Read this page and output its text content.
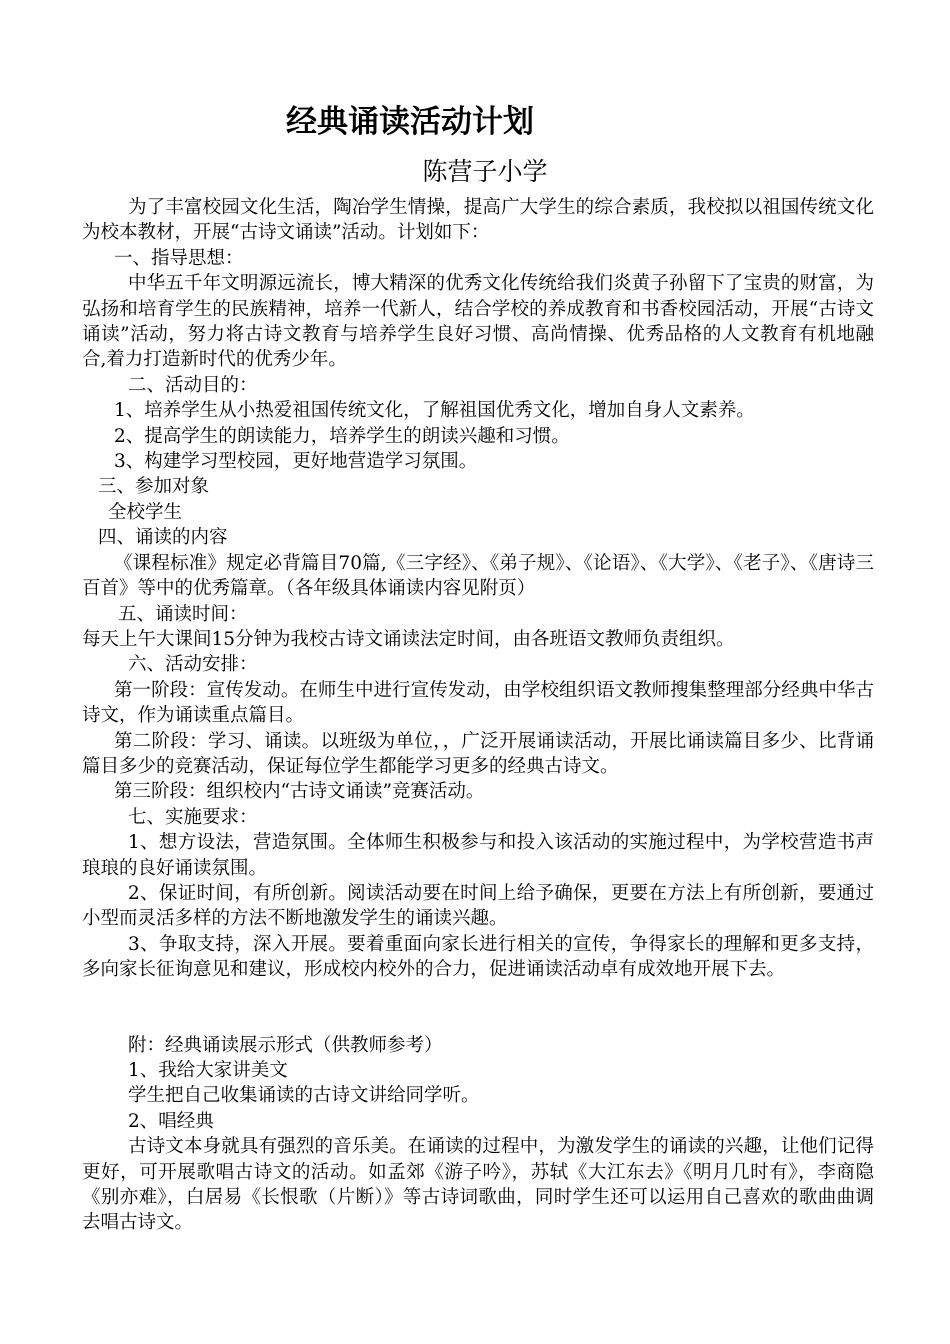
经典诵读活动计划
陈营子小学

为了丰富校园文化生活，陶冶学生情操，提高广大学生的综合素质，我校拟以祖国传统文化为校本教材，开展“古诗文诵读”活动。计划如下：

一、指导思想：

中华五千年文明源远流长，博大精深的优秀文化传统给我们炎黄子孙留下了宝贵的财富，为弘扬和培育学生的民族精神，培养一代新人，结合学校的养成教育和书香校园活动，开展“古诗文诵读”活动，努力将古诗文教育与培养学生良好习惯、高尚情操、优秀品格的人文教育有机地融合,着力打造新时代的优秀少年。

二、活动目的：

1、培养学生从小热爱祖国传统文化，了解祖国优秀文化，增加自身人文素养。

2、提高学生的朗读能力，培养学生的朗读兴趣和习惯。

3、构建学习型校园，更好地营造学习氛围。

三、参加对象

全校学生

四、诵读的内容

《课程标准》规定必背篇目70篇,《三字经》、《弟子规》、《论语》、《大学》、《老子》、《唐诗三百首》等中的优秀篇章。（各年级具体诵读内容见附页）

五、诵读时间：

每天上午大课间15分钟为我校古诗文诵读法定时间，由各班语文教师负责组织。

六、活动安排：

第一阶段：宣传发动。在师生中进行宣传发动，由学校组织语文教师搜集整理部分经典中华古诗文，作为诵读重点篇目。

第二阶段：学习、诵读。以班级为单位，，广泛开展诵读活动，开展比诵读篇目多少、比背诵篇目多少的竞赛活动，保证每位学生都能学习更多的经典古诗文。

第三阶段：组织校内“古诗文诵读”竞赛活动。

七、实施要求：

1、想方设法，营造氛围。全体师生积极参与和投入该活动的实施过程中，为学校营造书声琅琅的良好诵读氛围。

2、保证时间，有所创新。阅读活动要在时间上给予确保，更要在方法上有所创新，要通过小型而灵活多样的方法不断地激发学生的诵读兴趣。

3、争取支持，深入开展。要着重面向家长进行相关的宣传，争得家长的理解和更多支持，多向家长征询意见和建议，形成校内校外的合力，促进诵读活动卓有成效地开展下去。

附：经典诵读展示形式（供教师参考）

1、我给大家讲美文

学生把自己收集诵读的古诗文讲给同学听。

2、唱经典

古诗文本身就具有强烈的音乐美。在诵读的过程中，为激发学生的诵读的兴趣，让他们记得更好，可开展歌唱古诗文的活动。如孟郊《游子吟》，苏轼《大江东去》《明月几时有》，李商隐《别亦难》，白居易《长恨歌（片断）》等古诗词歌曲，同时学生还可以运用自己喜欢的歌曲曲调去唱古诗文。
